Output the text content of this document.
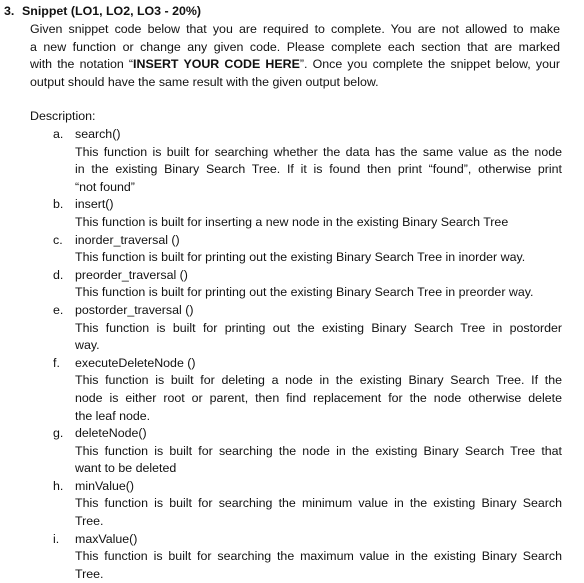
3. Snippet (LO1, LO2, LO3 - 20%)
Given snippet code below that you are required to complete. You are not allowed to make
a new function or change any given code. Please complete each section that are marked
with the notation “INSERT YOUR CODE HERE”. Once you complete the snippet below, your
output should have the same result with the given output below.
Description:
a. search()
This function is built for searching whether the data has the same value as the node
in the existing Binary Search Tree. If it is found then print “found”, otherwise print
“not found”
b. insert()
This function is built for inserting a new node in the existing Binary Search Tree
c. inorder_traversal ()
This function is built for printing out the existing Binary Search Tree in inorder way.
d. preorder_traversal ()
This function is built for printing out the existing Binary Search Tree in preorder way.
e. postorder_traversal ()
This function is built for printing out the existing Binary Search Tree in postorder
way.
f.	executeDeleteNode ()
This function is built for deleting a node in the existing Binary Search Tree. If the
node is either root or parent, then find replacement for the node otherwise delete
the leaf node.
g. deleteNode()
This function is built for searching the node in the existing Binary Search Tree that
want to be deleted
h. minValue()
This function is built for searching the minimum value in the existing Binary Search
Tree.
i.	maxValue()
This function is built for searching the maximum value in the existing Binary Search
Tree.
